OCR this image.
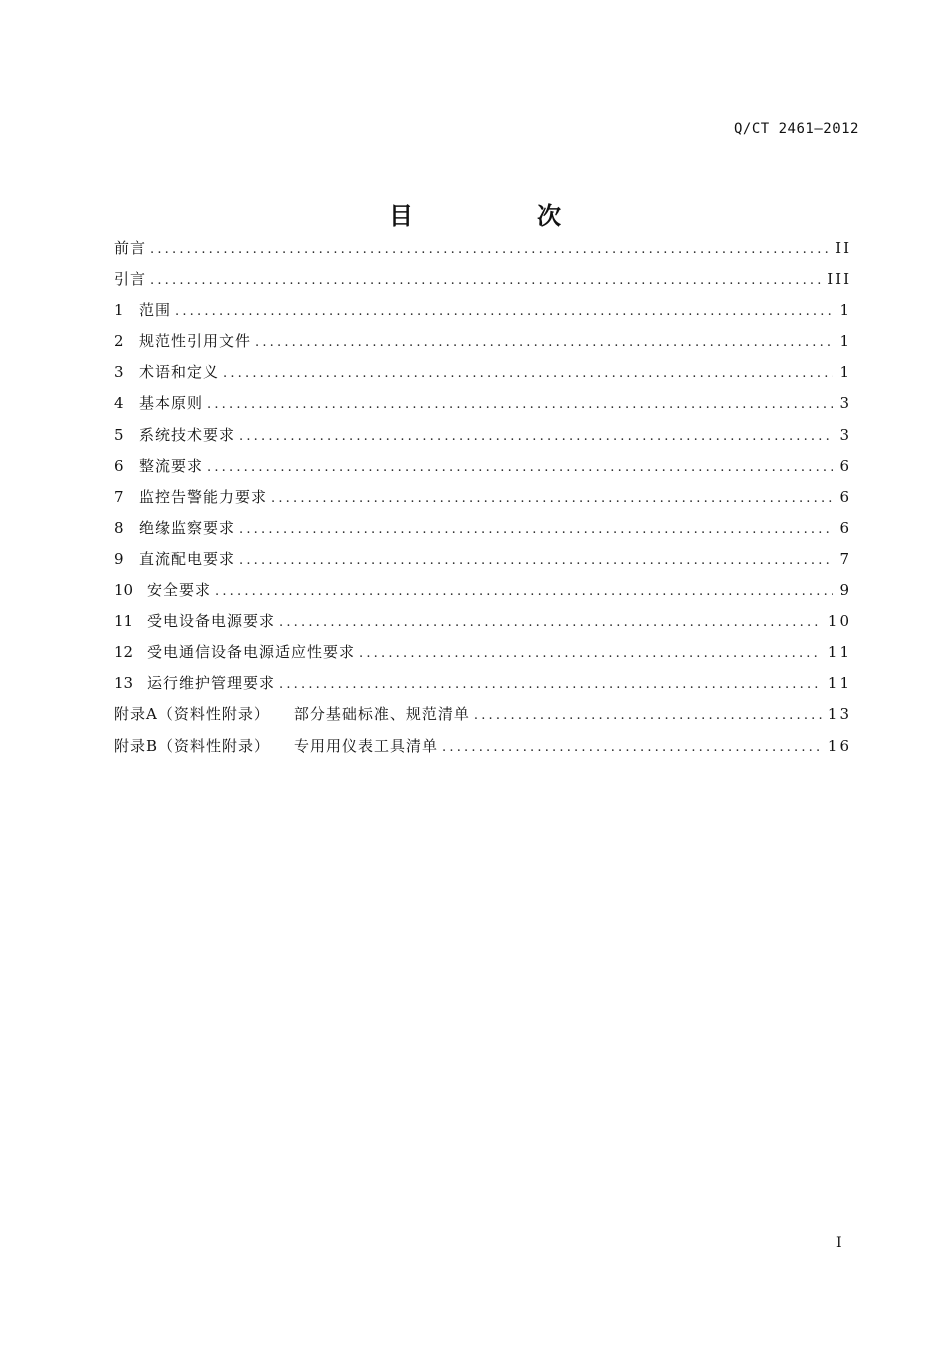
Q/CT 2461—2012
目　次
前言 .....	II
引言 .....	III
1	范围 .....	1
2	规范性引用文件 .....	1
3	术语和定义 .....	1
4	基本原则 .....	3
5	系统技术要求 .....	3
6	整流要求 .....	6
7	监控告警能力要求 .....	6
8	绝缘监察要求 .....	6
9	直流配电要求 .....	7
10 安全要求 .....	9
11 受电设备电源要求 .....	10
12 受电通信设备电源适应性要求 .....	11
13 运行维护管理要求 .....	11
附录A（资料性附录） 部分基础标准、规范清单 .....	13
附录B（资料性附录） 专用用仪表工具清单 .....	16
I
